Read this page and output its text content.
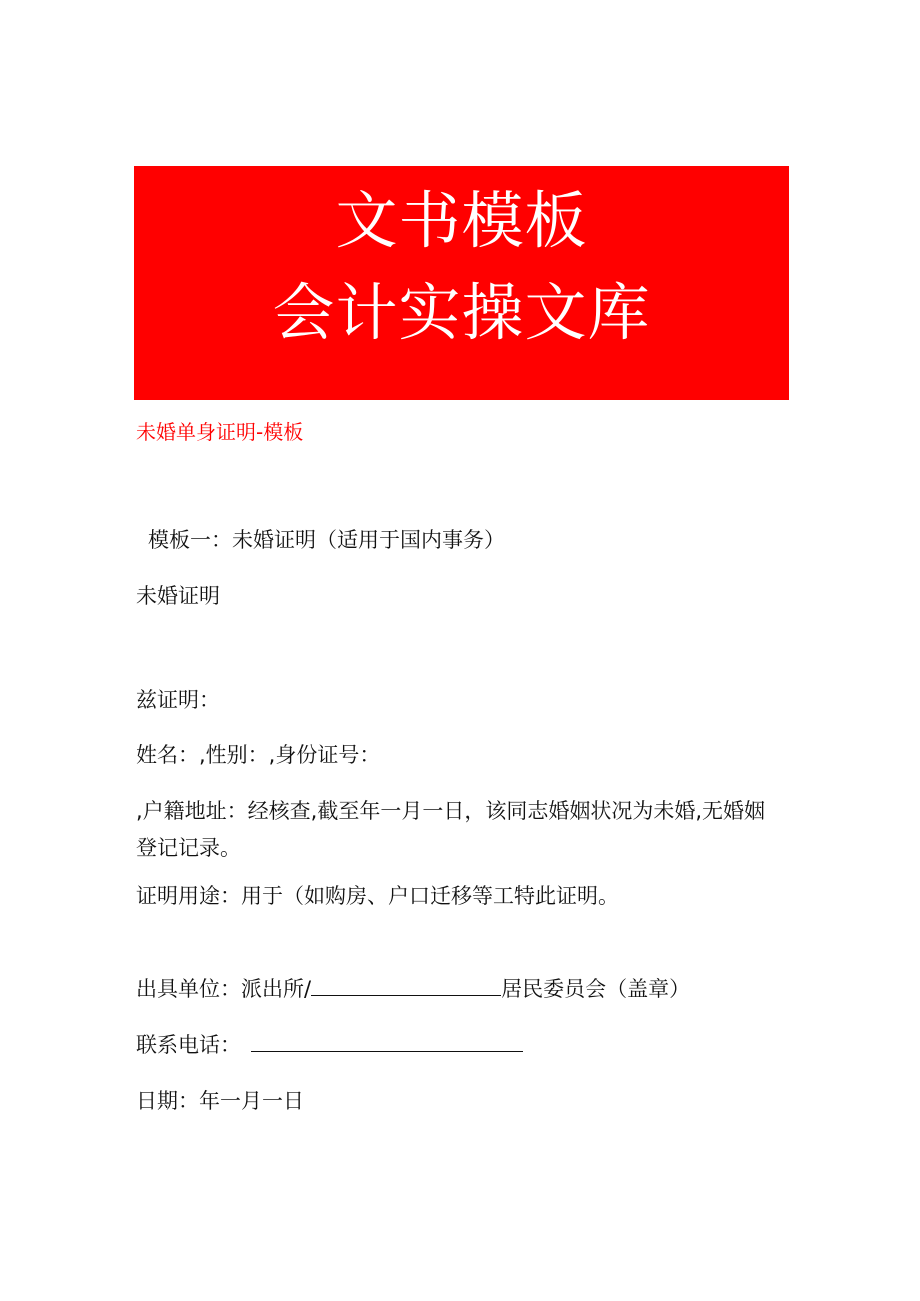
文书模板
会计实操文库
未婚单身证明-模板
模板一：未婚证明（适用于国内事务）
未婚证明
兹证明：
姓名：,性别：,身份证号：
,户籍地址：经核查,截至年一月一日，该同志婚姻状况为未婚,无婚姻登记记录。
证明用途：用于（如购房、户口迁移等工特此证明。
出具单位：派出所/	居民委员会（盖章）
联系电话：
日期：年一月一日
